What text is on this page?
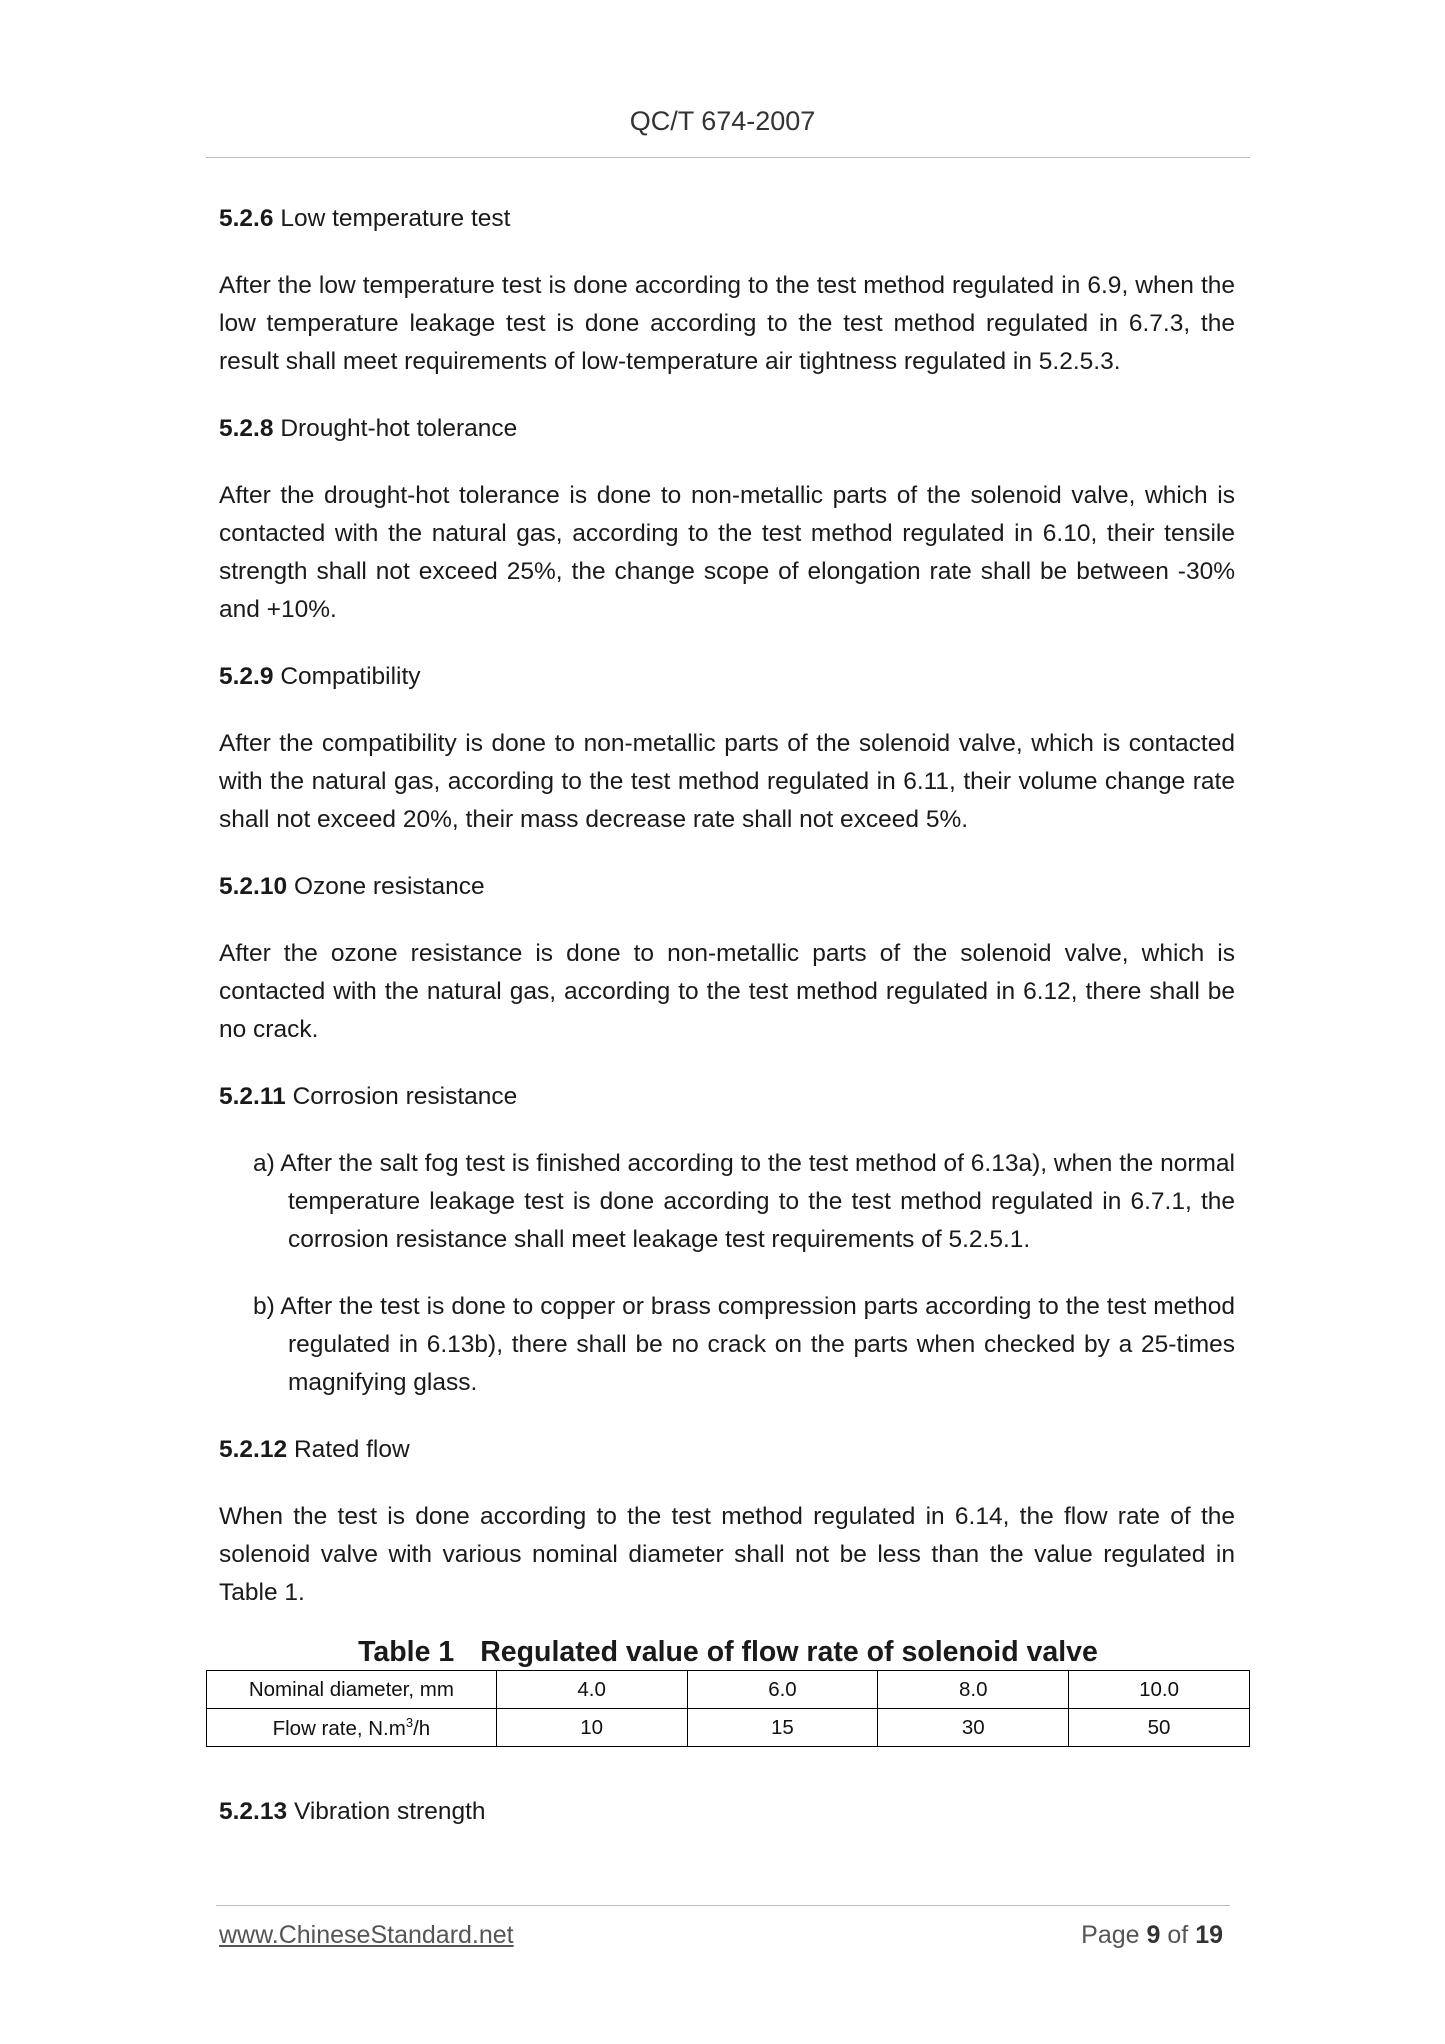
QC/T 674-2007
5.2.6 Low temperature test

After the low temperature test is done according to the test method regulated in 6.9, when the low temperature leakage test is done according to the test method regulated in 6.7.3, the result shall meet requirements of low-temperature air tightness regulated in 5.2.5.3.

5.2.8 Drought-hot tolerance

After the drought-hot tolerance is done to non-metallic parts of the solenoid valve, which is contacted with the natural gas, according to the test method regulated in 6.10, their tensile strength shall not exceed 25%, the change scope of elongation rate shall be between -30% and +10%.

5.2.9 Compatibility

After the compatibility is done to non-metallic parts of the solenoid valve, which is contacted with the natural gas, according to the test method regulated in 6.11, their volume change rate shall not exceed 20%, their mass decrease rate shall not exceed 5%.

5.2.10 Ozone resistance

After the ozone resistance is done to non-metallic parts of the solenoid valve, which is contacted with the natural gas, according to the test method regulated in 6.12, there shall be no crack.

5.2.11 Corrosion resistance

a) After the salt fog test is finished according to the test method of 6.13a), when the normal temperature leakage test is done according to the test method regulated in 6.7.1, the corrosion resistance shall meet leakage test requirements of 5.2.5.1.

b) After the test is done to copper or brass compression parts according to the test method regulated in 6.13b), there shall be no crack on the parts when checked by a 25-times magnifying glass.

5.2.12 Rated flow

When the test is done according to the test method regulated in 6.14, the flow rate of the solenoid valve with various nominal diameter shall not be less than the value regulated in Table 1.

Table 1 Regulated value of flow rate of solenoid valve
Nominal diameter, mm	4.0	6.0	8.0	10.0
Flow rate, $N.m^3/h$	10	15	30	50
5.2.13 Vibration strength
www.ChineseStandard.net	Page 9 of 19
